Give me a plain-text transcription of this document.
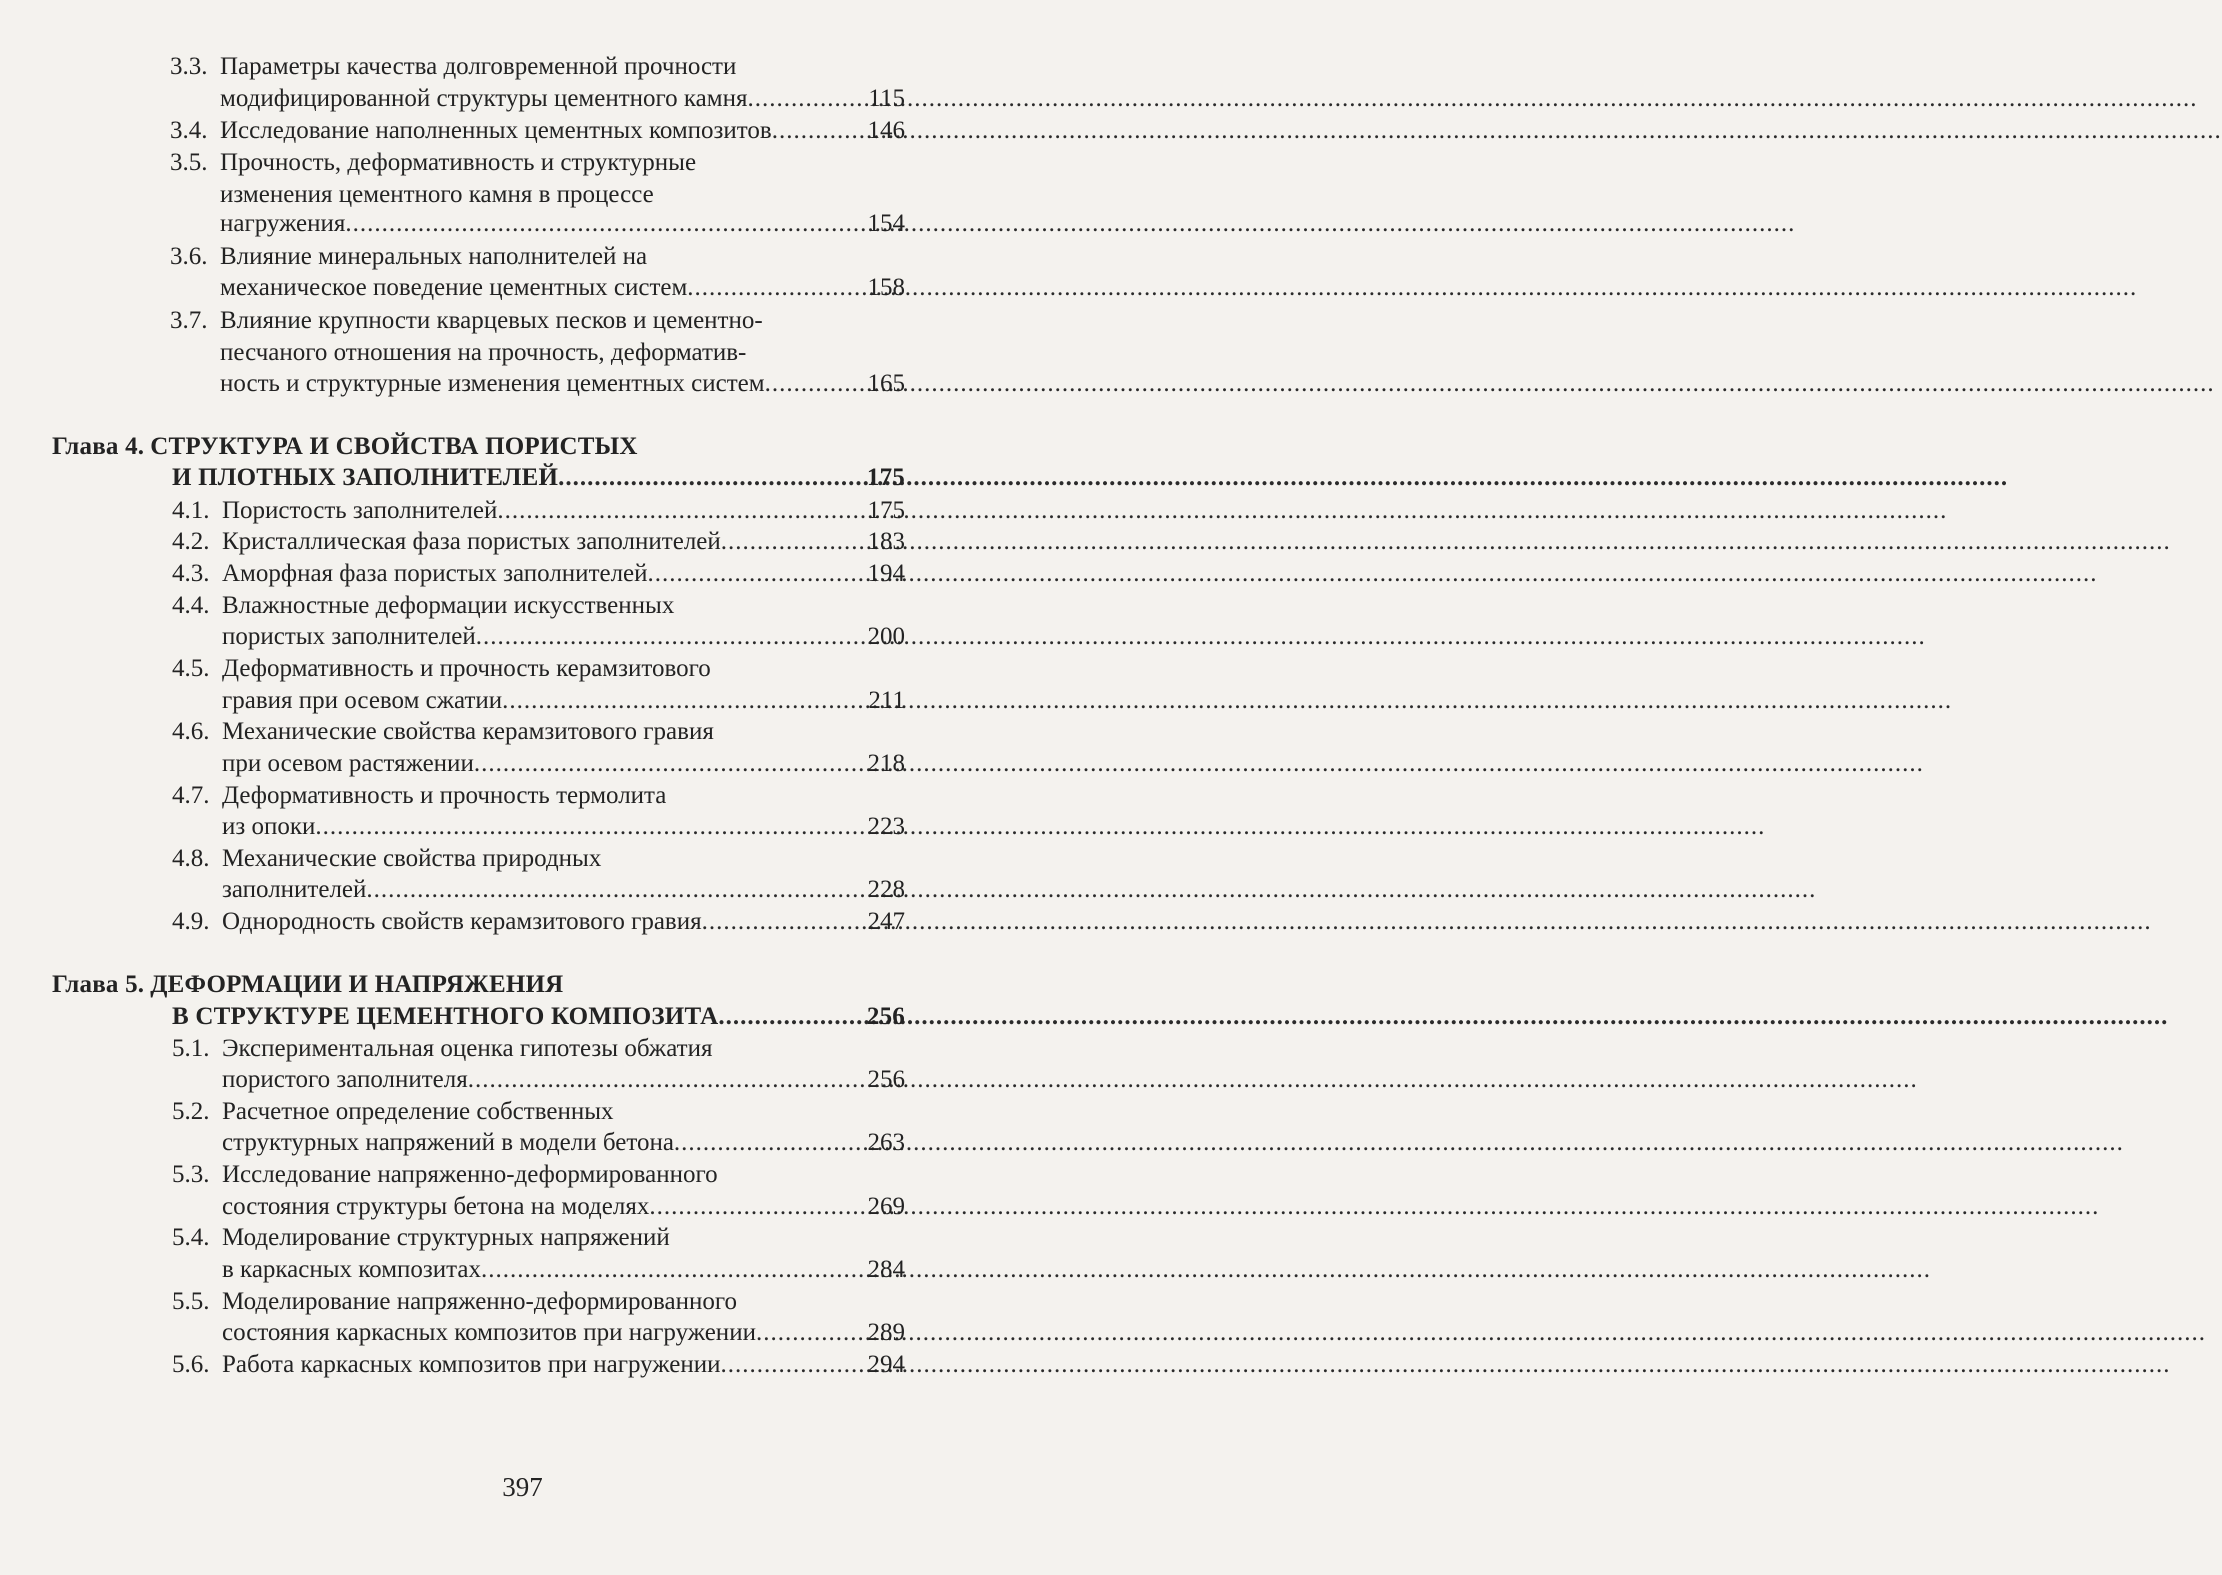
3.3. Параметры качества долговременной прочности
модифицированной структуры цементного камня .....	115
3.4. Исследование наполненных цементных композитов .....	146
3.5. Прочность, деформативность и структурные
изменения цементного камня в процессе
нагружения .....	154
3.6. Влияние минеральных наполнителей на
механическое поведение цементных систем .....	158
3.7. Влияние крупности кварцевых песков и цементно-
песчаного отношения на прочность, деформатив-
ность и структурные изменения цементных систем .....	165
Глава 4. СТРУКТУРА И СВОЙСТВА ПОРИСТЫХ
И ПЛОТНЫХ ЗАПОЛНИТЕЛЕЙ .....	175
4.1. Пористость заполнителей .....	175
4.2. Кристаллическая фаза пористых заполнителей .....	183
4.3. Аморфная фаза пористых заполнителей .....	194
4.4. Влажностные деформации искусственных
пористых заполнителей .....	200
4.5. Деформативность и прочность керамзитового
гравия при осевом сжатии .....	211
4.6. Механические свойства керамзитового гравия
при осевом растяжении .....	218
4.7. Деформативность и прочность термолита
из опоки .....	223
4.8. Механические свойства природных
заполнителей .....	228
4.9. Однородность свойств керамзитового гравия .....	247
Глава 5. ДЕФОРМАЦИИ И НАПРЯЖЕНИЯ
В СТРУКТУРЕ ЦЕМЕНТНОГО КОМПОЗИТА .....	256
5.1. Экспериментальная оценка гипотезы обжатия
пористого заполнителя .....	256
5.2. Расчетное определение собственных
структурных напряжений в модели бетона .....	263
5.3. Исследование напряженно-деформированного
состояния структуры бетона на моделях .....	269
5.4. Моделирование структурных напряжений
в каркасных композитах .....	284
5.5. Моделирование напряженно-деформированного
состояния каркасных композитов при нагружении .....	289
5.6. Работа каркасных композитов при нагружении .....	294
397
